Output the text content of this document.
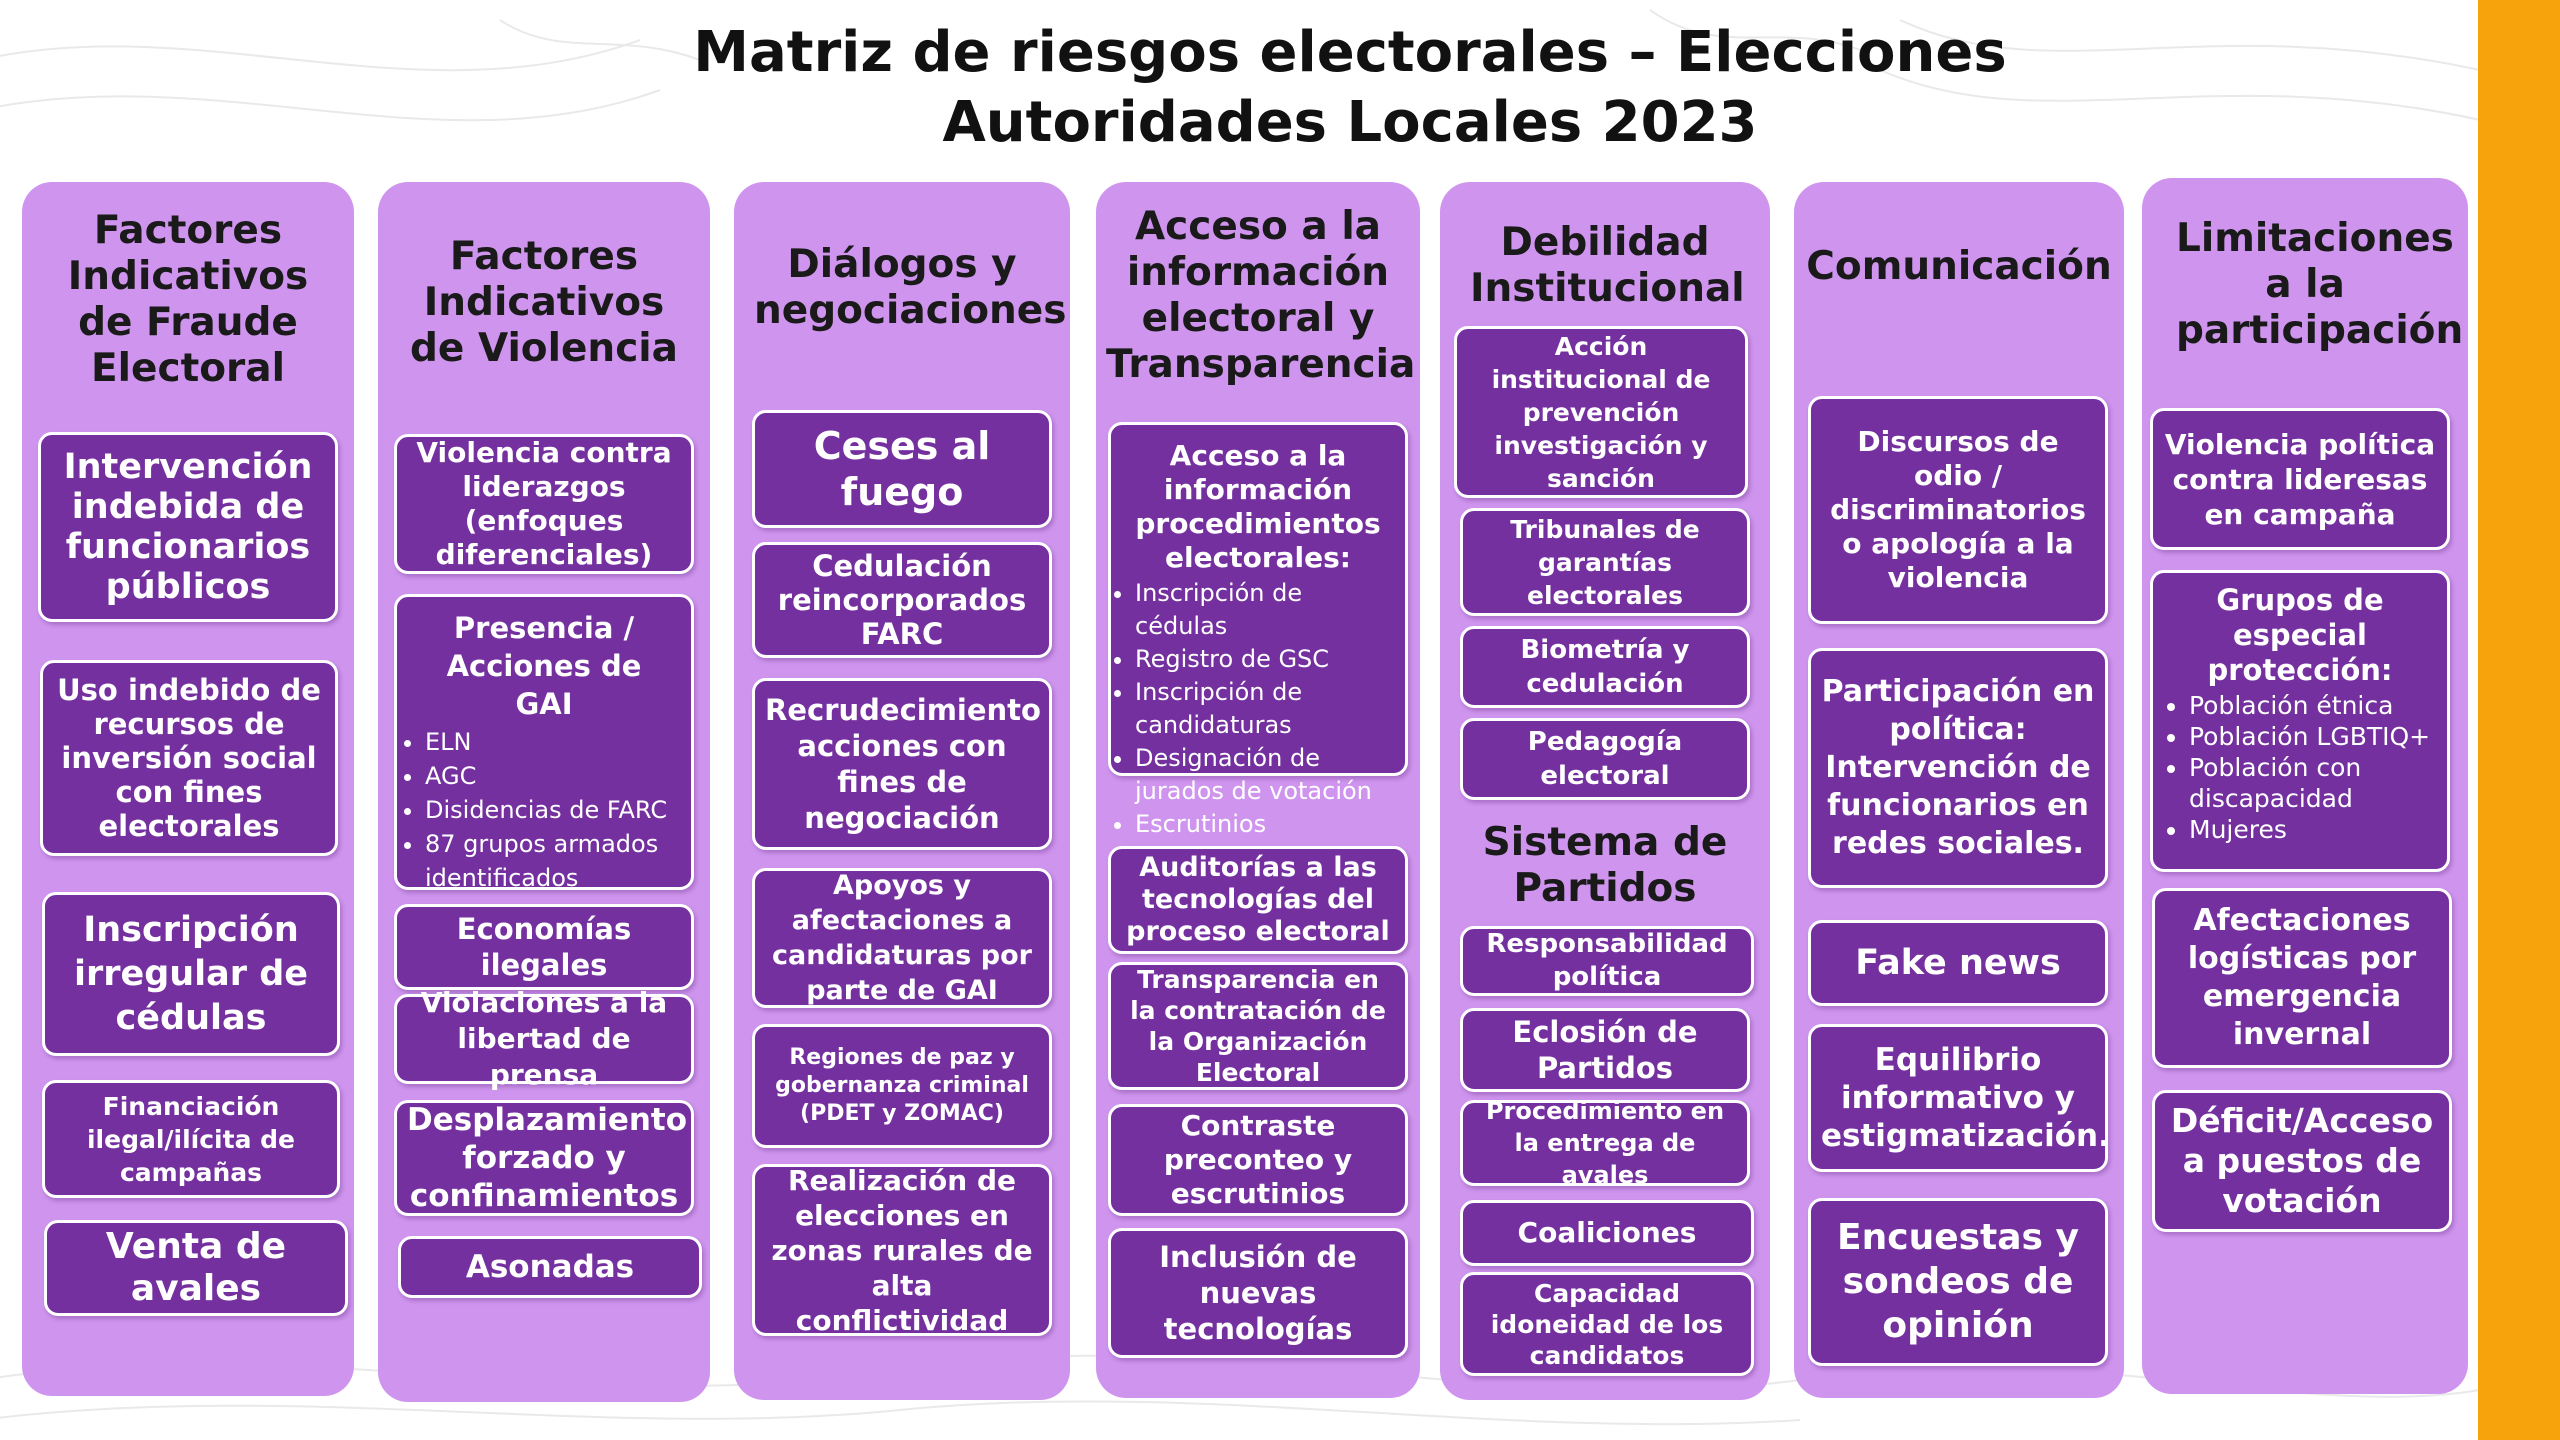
Matriz de riesgos electorales – Elecciones Autoridades Locales 2023
Factores Indicativos de Fraude Electoral
Intervención indebida de funcionarios públicos
Uso indebido de recursos de inversión social con fines electorales
Inscripción irregular de cédulas
Financiación ilegal/ilícita de campañas
Venta de avales
Factores Indicativos de Violencia
Violencia contra liderazgos (enfoques diferenciales)
Presencia / Acciones de GAI
• ELN
• AGC
• Disidencias de FARC
• 87 grupos armados identificados
Economías ilegales
Violaciones a la libertad de prensa
Desplazamiento forzado y confinamientos
Asonadas
Diálogos y negociaciones
Ceses al fuego
Cedulación reincorporados FARC
Recrudecimiento acciones con fines de negociación
Apoyos y afectaciones a candidaturas por parte de GAI
Regiones de paz y gobernanza criminal (PDET y ZOMAC)
Realización de elecciones en zonas rurales de alta conflictividad
Acceso a la información electoral y Transparencia
Acceso a la información procedimientos electorales:
• Inscripción de cédulas
• Registro de GSC
• Inscripción de candidaturas
• Designación de jurados de votación
• Escrutinios
Auditorías a las tecnologías del proceso electoral
Transparencia en la contratación de la Organización Electoral
Contraste preconteo y escrutinios
Inclusión de nuevas tecnologías
Debilidad Institucional
Acción institucional de prevención investigación y sanción
Tribunales de garantías electorales
Biometría y cedulación
Pedagogía electoral
Sistema de Partidos
Responsabilidad política
Eclosión de Partidos
Procedimiento en la entrega de avales
Coaliciones
Capacidad idoneidad de los candidatos
Comunicación
Discursos de odio / discriminatorios o apología a la violencia
Participación en política: Intervención de funcionarios en redes sociales.
Fake news
Equilibrio informativo y estigmatización.
Encuestas y sondeos de opinión
Limitaciones a la participación
Violencia política contra lideresas en campaña
Grupos de especial protección:
• Población étnica
• Población LGBTIQ+
• Población con discapacidad
• Mujeres
Afectaciones logísticas por emergencia invernal
Déficit/Acceso a puestos de votación
